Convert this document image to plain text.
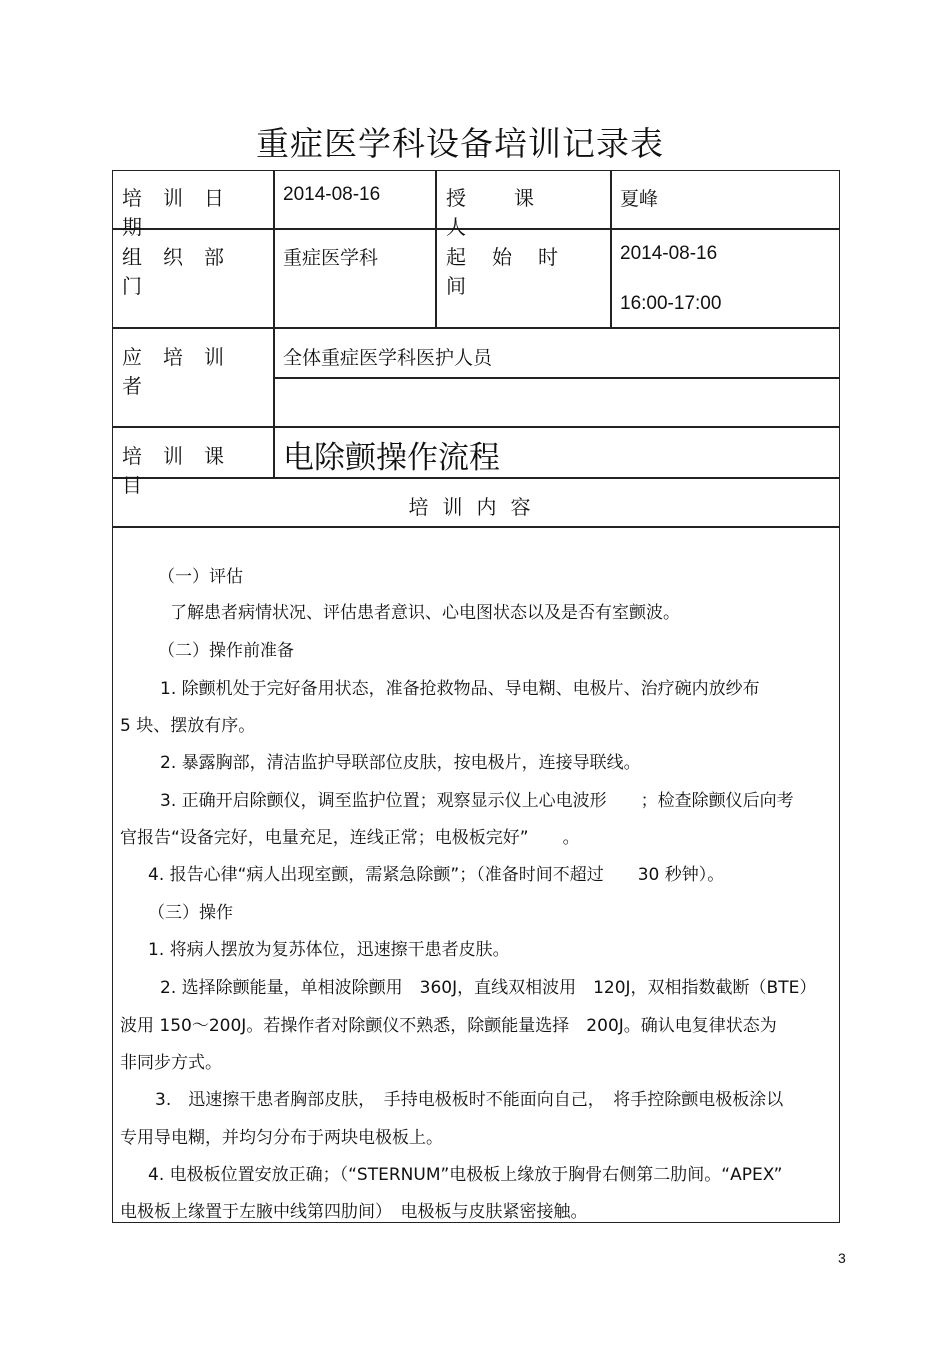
重症医学科设备培训记录表
培训日期
2014-08-16	授课人
夏峰
组织部门
重症医学科	起始时间
2014-08-16
16:00-17:00
应培训者
全体重症医学科医护人员
培训课目
电除颤操作流程
培训内容
（一）评估
了解患者病情状况、评估患者意识、心电图状态以及是否有室颤波。
（二）操作前准备
1. 除颤机处于完好备用状态，准备抢救物品、导电糊、电极片、治疗碗内放纱布
5 块、摆放有序。
2. 暴露胸部，清洁监护导联部位皮肤，按电极片，连接导联线。
3. 正确开启除颤仪，调至监护位置；观察显示仪上心电波形　　；检查除颤仪后向考
官报告“设备完好，电量充足，连线正常；电极板完好”　　。
4. 报告心律“病人出现室颤，需紧急除颤”；（准备时间不超过　　30 秒钟）。
（三）操作
1. 将病人摆放为复苏体位，迅速擦干患者皮肤。
2. 选择除颤能量，单相波除颤用　360J，直线双相波用　120J，双相指数截断（BTE）
波用 150～200J。若操作者对除颤仪不熟悉，除颤能量选择　200J。确认电复律状态为
非同步方式。
3.　迅速擦干患者胸部皮肤，　手持电极板时不能面向自己，　将手控除颤电极板涂以
专用导电糊，并均匀分布于两块电极板上。
4. 电极板位置安放正确；（“STERNUM”电极板上缘放于胸骨右侧第二肋间。“APEX”
电极板上缘置于左腋中线第四肋间）　电极板与皮肤紧密接触。
3
